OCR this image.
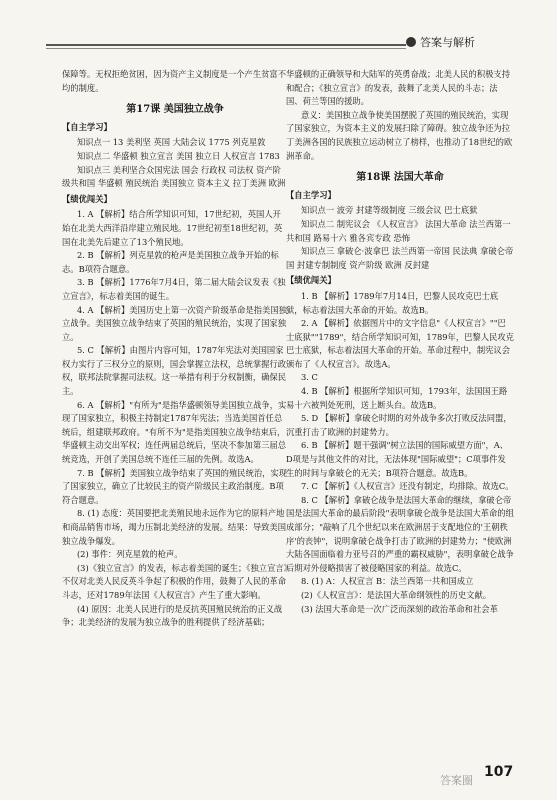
答案与解析

保障等。无权拒绝贫困，因为资产主义制度是一个产生贫富不均的制度。

第17课 美国独立战争
【自主学习】

知识点一 13 美利坚 英国 大陆会议 1775 列克星敦

知识点二 华盛顿 独立宣言 美国 独立日 人权宣言 1783

知识点三 美利坚合众国宪法 国会 行政权 司法权 资产阶级共和国 华盛顿 殖民统治 美国独立 资本主义 拉丁美洲 欧洲

【绩优闯关】

1. A 【解析】结合所学知识可知，17世纪初，英国人开始在北美大西洋沿岸建立殖民地。17世纪初至18世纪初，英国在北美先后建立了13个殖民地。

2. B 【解析】列克星敦的枪声是美国独立战争开始的标志。B项符合题意。

3. B 【解析】1776年7月4日，第二届大陆会议发表《独立宣言》，标志着美国的诞生。

4. A 【解析】美国历史上第一次资产阶级革命是指美国独立战争。美国独立战争结束了英国的殖民统治，实现了国家独立。

5. C 【解析】由图片内容可知，1787年宪法对美国国家权力实行了三权分立的原则，国会掌握立法权，总统掌握行政权，联邦法院掌握司法权。这一举措有利于分权制衡，确保民主。

6. A 【解析】"有所为"是指华盛顿领导美国独立战争，实现了国家独立，积极主持制定1787年宪法；当选美国首任总统后，组建联邦政府。"有所不为"是指美国独立战争结束后，华盛顿主动交出军权；连任两届总统后，坚决不参加第三届总统竞选，开创了美国总统不连任三届的先例。故选A。

7. B 【解析】美国独立战争结束了英国的殖民统治，实现了国家独立，确立了比较民主的资产阶级民主政治制度。B项符合题意。

8. (1) 态度：英国要把北美殖民地永远作为它的原料产地和商品销售市场，竭力压制北美经济的发展。结果：导致美国独立战争爆发。

(2) 事件：列克星敦的枪声。

(3)《独立宣言》的发表，标志着美国的诞生；《独立宣言》不仅对北美人民反英斗争起了积极的作用，鼓舞了人民的革命斗志，还对1789年法国《人权宣言》产生了重大影响。

(4) 原因：北美人民进行的是反抗英国殖民统治的正义战争；北美经济的发展为独立战争的胜利提供了经济基础；

华盛顿的正确领导和大陆军的英勇奋战；北美人民的积极支持和配合；《独立宣言》的发表，鼓舞了北美人民的斗志；法国、荷兰等国的援助。

意义：美国独立战争使美国摆脱了英国的殖民统治，实现了国家独立，为资本主义的发展扫除了障碍。独立战争还为拉丁美洲各国的民族独立运动树立了榜样，也推动了18世纪的欧洲革命。

第18课 法国大革命
【自主学习】

知识点一 波旁 封建等级制度 三级会议 巴士底狱

知识点二 制宪议会 《人权宣言》 法国大革命 法兰西第一共和国 路易十六 雅各宾专政 恐怖

知识点三 拿破仑·波拿巴 法兰西第一帝国 民法典 拿破仑帝国 封建专制制度 资产阶级 欧洲 反封建

【绩优闯关】

1. B 【解析】1789年7月14日，巴黎人民攻克巴士底狱，标志着法国大革命的开始。故选B。

2. A 【解析】依据图片中的文字信息"《人权宣言》""巴士底狱""1789"，结合所学知识可知，1789年，巴黎人民攻克巴士底狱，标志着法国大革命的开始。革命过程中，制宪议会颁布了《人权宣言》。故选A。

3. C

4. B 【解析】根据所学知识可知，1793年，法国国王路易十六被判处死刑，送上断头台。故选B。

5. D 【解析】拿破仑时期的对外战争多次打败反法同盟，沉重打击了欧洲的封建势力。

6. B 【解析】题干强调"树立法国的国际威望方面"，A、D项是与其他文件的对比，无法体现"国际威望"；C项事件发生的时间与拿破仑的无关；B项符合题意。故选B。

7. C 【解析】《人权宣言》还没有制定，均排除。故选C。

8. C 【解析】拿破仑战争是法国大革命的继续，拿破仑帝国是法国大革命的最后阶段"表明拿破仑战争是法国大革命的组成部分；"敲响了几个世纪以来在欧洲居于支配地位的'王朝秩序'的丧钟"，说明拿破仑战争打击了欧洲的封建势力；"使欧洲大陆各国面临着力亚号召的严重的霸权威胁"，表明拿破仑战争后期对外侵略损害了被侵略国家的利益。故选C。

8. (1) A：人权宣言 B：法兰西第一共和国成立

(2)《人权宣言》：是法国大革命纲领性的历史文献。

(3) 法国大革命是一次广泛而深刻的政治革命和社会革

107
答案圈
